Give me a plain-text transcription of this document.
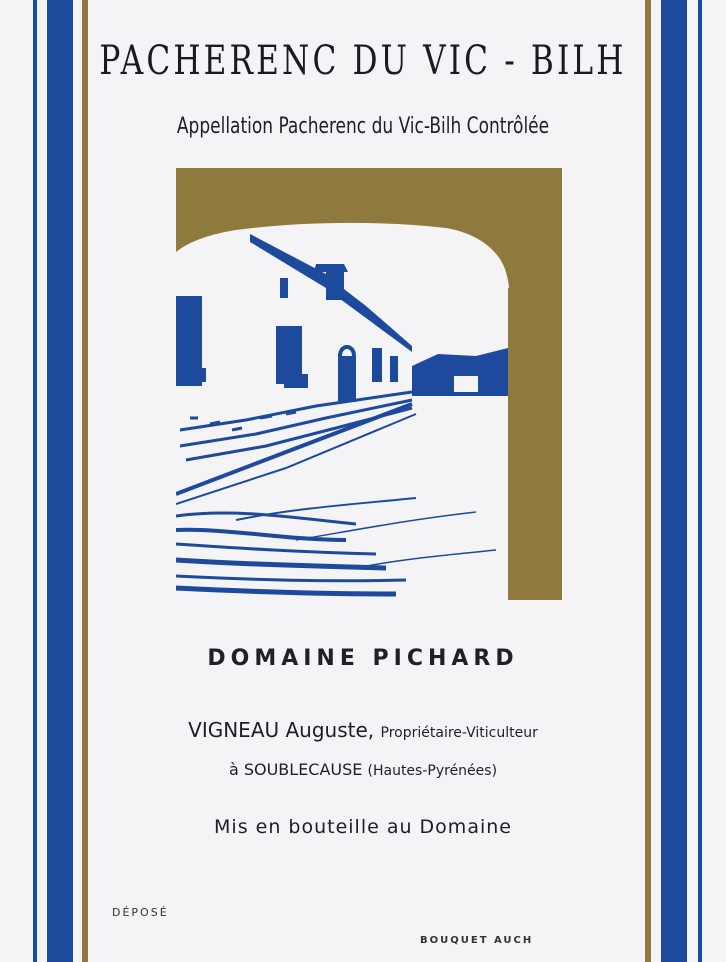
PACHERENC DU VIC - BILH
Appellation Pacherenc du Vic-Bilh Contrôlée
DOMAINE PICHARD
VIGNEAU Auguste, Propriétaire-Viticulteur
à SOUBLECAUSE (Hautes-Pyrénées)
Mis en bouteille au Domaine
DÉPOSÉ
BOUQUET AUCH
